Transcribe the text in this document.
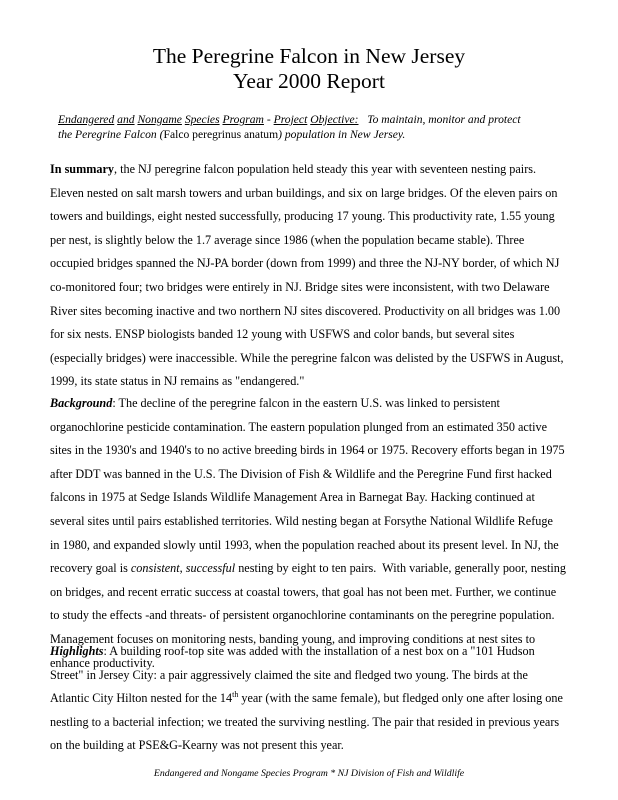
The Peregrine Falcon in New Jersey
Year 2000 Report
Endangered and Nongame Species Program - Project Objective:   To maintain, monitor and protect
the Peregrine Falcon (Falco peregrinus anatum) population in New Jersey.
In summary, the NJ peregrine falcon population held steady this year with seventeen nesting pairs.
Eleven nested on salt marsh towers and urban buildings, and six on large bridges. Of the eleven pairs on
towers and buildings, eight nested successfully, producing 17 young. This productivity rate, 1.55 young
per nest, is slightly below the 1.7 average since 1986 (when the population became stable). Three
occupied bridges spanned the NJ-PA border (down from 1999) and three the NJ-NY border, of which NJ
co-monitored four; two bridges were entirely in NJ. Bridge sites were inconsistent, with two Delaware
River sites becoming inactive and two northern NJ sites discovered. Productivity on all bridges was 1.00
for six nests. ENSP biologists banded 12 young with USFWS and color bands, but several sites
(especially bridges) were inaccessible. While the peregrine falcon was delisted by the USFWS in August,
1999, its state status in NJ remains as "endangered."
Background: The decline of the peregrine falcon in the eastern U.S. was linked to persistent
organochlorine pesticide contamination. The eastern population plunged from an estimated 350 active
sites in the 1930's and 1940's to no active breeding birds in 1964 or 1975. Recovery efforts began in 1975
after DDT was banned in the U.S. The Division of Fish & Wildlife and the Peregrine Fund first hacked
falcons in 1975 at Sedge Islands Wildlife Management Area in Barnegat Bay. Hacking continued at
several sites until pairs established territories. Wild nesting began at Forsythe National Wildlife Refuge
in 1980, and expanded slowly until 1993, when the population reached about its present level. In NJ, the
recovery goal is consistent, successful nesting by eight to ten pairs.  With variable, generally poor, nesting
on bridges, and recent erratic success at coastal towers, that goal has not been met. Further, we continue
to study the effects -and threats- of persistent organochlorine contaminants on the peregrine population.
Management focuses on monitoring nests, banding young, and improving conditions at nest sites to
enhance productivity.
Highlights: A building roof-top site was added with the installation of a nest box on a "101 Hudson
Street" in Jersey City: a pair aggressively claimed the site and fledged two young. The birds at the
Atlantic City Hilton nested for the 14th year (with the same female), but fledged only one after losing one
nestling to a bacterial infection; we treated the surviving nestling. The pair that resided in previous years
on the building at PSE&G-Kearny was not present this year.
Endangered and Nongame Species Program * NJ Division of Fish and Wildlife
